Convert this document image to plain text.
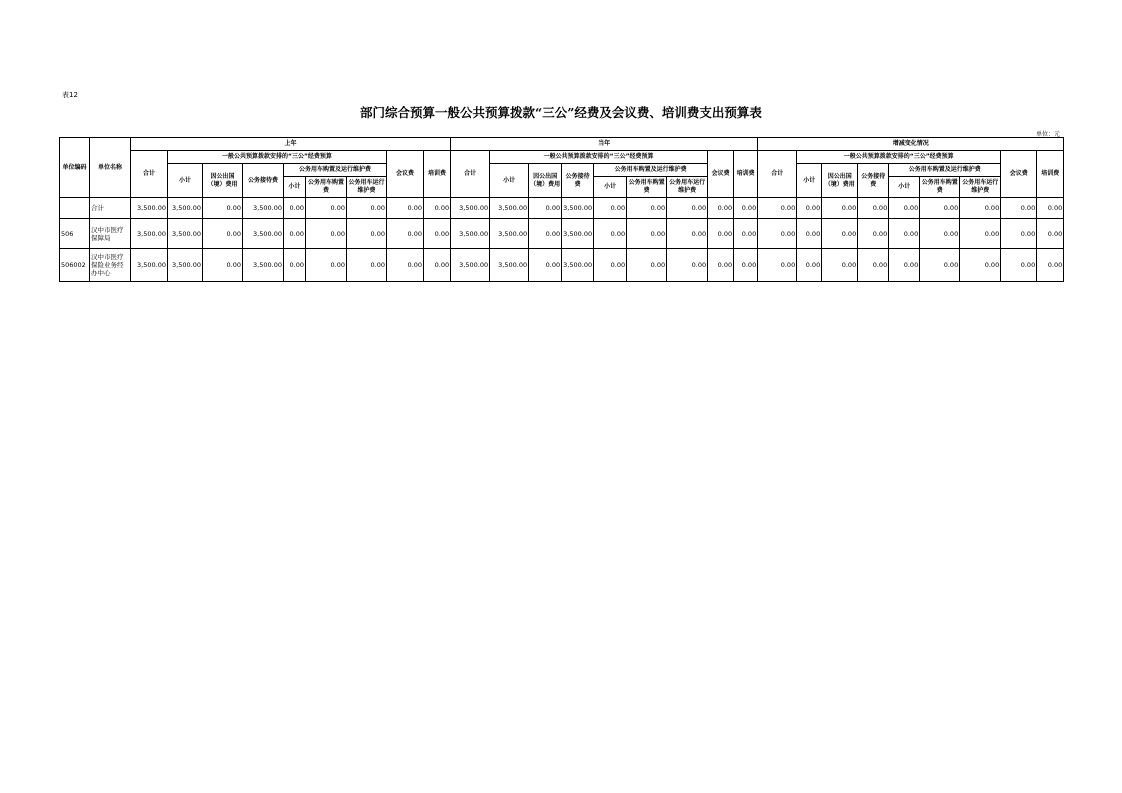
表12
部门综合预算一般公共预算拨款“三公”经费及会议费、培训费支出预算表
单位：元
单位编码	单位名称	上年									当年									增减变化情况								
		合计	一般公共预算拨款安排的“三公”经费预算						会议费	培训费	合计	一般公共预算拨款安排的“三公”经费预算						会议费	培训费	合计	一般公共预算拨款安排的“三公”经费预算						会议费	培训费
			小计	因公出国（境）费用	公务接待费	公务用车购置及运行维护费						小计	因公出国（境）费用	公务接待费	公务用车购置及运行维护费						小计	因公出国（境）费用	公务接待费	公务用车购置及运行维护费				
						小计	公务用车购置费	公务用车运行维护费							小计	公务用车购置费	公务用车运行维护费							小计	公务用车购置费	公务用车运行维护费		
	合计	3,500.00	3,500.00	0.00	3,500.00	0.00	0.00	0.00	0.00	0.00	3,500.00	3,500.00	0.00	3,500.00	0.00	0.00	0.00	0.00	0.00	0.00	0.00	0.00	0.00	0.00	0.00	0.00	0.00	0.00
506	汉中市医疗保障局	3,500.00	3,500.00	0.00	3,500.00	0.00	0.00	0.00	0.00	0.00	3,500.00	3,500.00	0.00	3,500.00	0.00	0.00	0.00	0.00	0.00	0.00	0.00	0.00	0.00	0.00	0.00	0.00	0.00	0.00
506002	汉中市医疗保险业务经办中心	3,500.00	3,500.00	0.00	3,500.00	0.00	0.00	0.00	0.00	0.00	3,500.00	3,500.00	0.00	3,500.00	0.00	0.00	0.00	0.00	0.00	0.00	0.00	0.00	0.00	0.00	0.00	0.00	0.00	0.00
